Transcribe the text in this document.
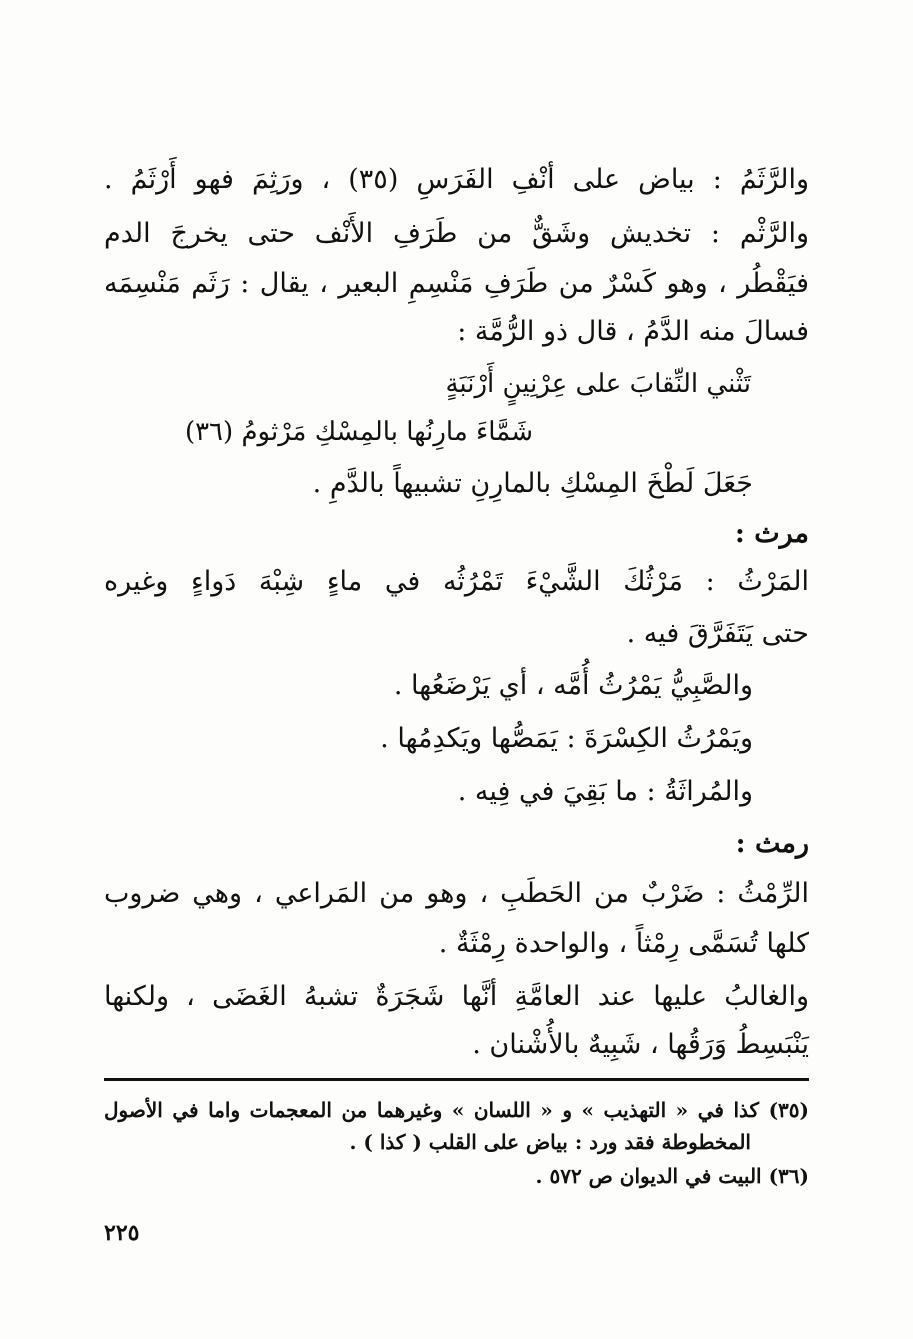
والرَّثَمُ : بياض على أنْفِ الفَرَسِ (٣٥) ، ورَثِمَ فهو أَرْثَمُ .
والرَّثْم : تخديش وشَقٌّ من طَرَفِ الأَنْف حتى يخرجَ الدم
فيَقْطُر ، وهو كَسْرٌ من طَرَفِ مَنْسِمِ البعير ، يقال : رَثَم مَنْسِمَه
فسالَ منه الدَّمُ ، قال ذو الرُّمَّة :
تَثْني النِّقابَ على عِرْنِينٍ أَرْنَبَةٍ
شَمَّاءَ مارِنُها بالمِسْكِ مَرْثومُ (٣٦)
جَعَلَ لَطْخَ المِسْكِ بالمارِنِ تشبيهاً بالدَّمِ .
مرث :
المَرْثُ : مَرْثُكَ الشَّيْءَ تَمْرُثُه في ماءٍ شِبْهَ دَواءٍ وغيره
حتى يَتَفَرَّقَ فيه .
والصَّبِيُّ يَمْرُثُ أُمَّه ، أي يَرْضَعُها .
ويَمْرُثُ الكِسْرَةَ : يَمَصُّها ويَكدِمُها .
والمُراثَةُ : ما بَقِيَ في فِيه .
رمث :
الرِّمْثُ : ضَرْبٌ من الحَطَبِ ، وهو من المَراعي ، وهي ضروب
كلها تُسَمَّى رِمْثاً ، والواحدة رِمْثَةٌ .
والغالبُ عليها عند العامَّةِ أنَّها شَجَرَةٌ تشبهُ الغَضَى ، ولكنها
يَنْبَسِطُ وَرَقُها ، شَبِيهٌ بالأُشْنان .
(٣٥) كذا في « التهذيب » و « اللسان » وغيرهما من المعجمات واما في الأصول
المخطوطة فقد ورد : بياض على القلب ( كذا ) .
(٣٦) البيت في الديوان ص ٥٧٢ .
٢٢٥
